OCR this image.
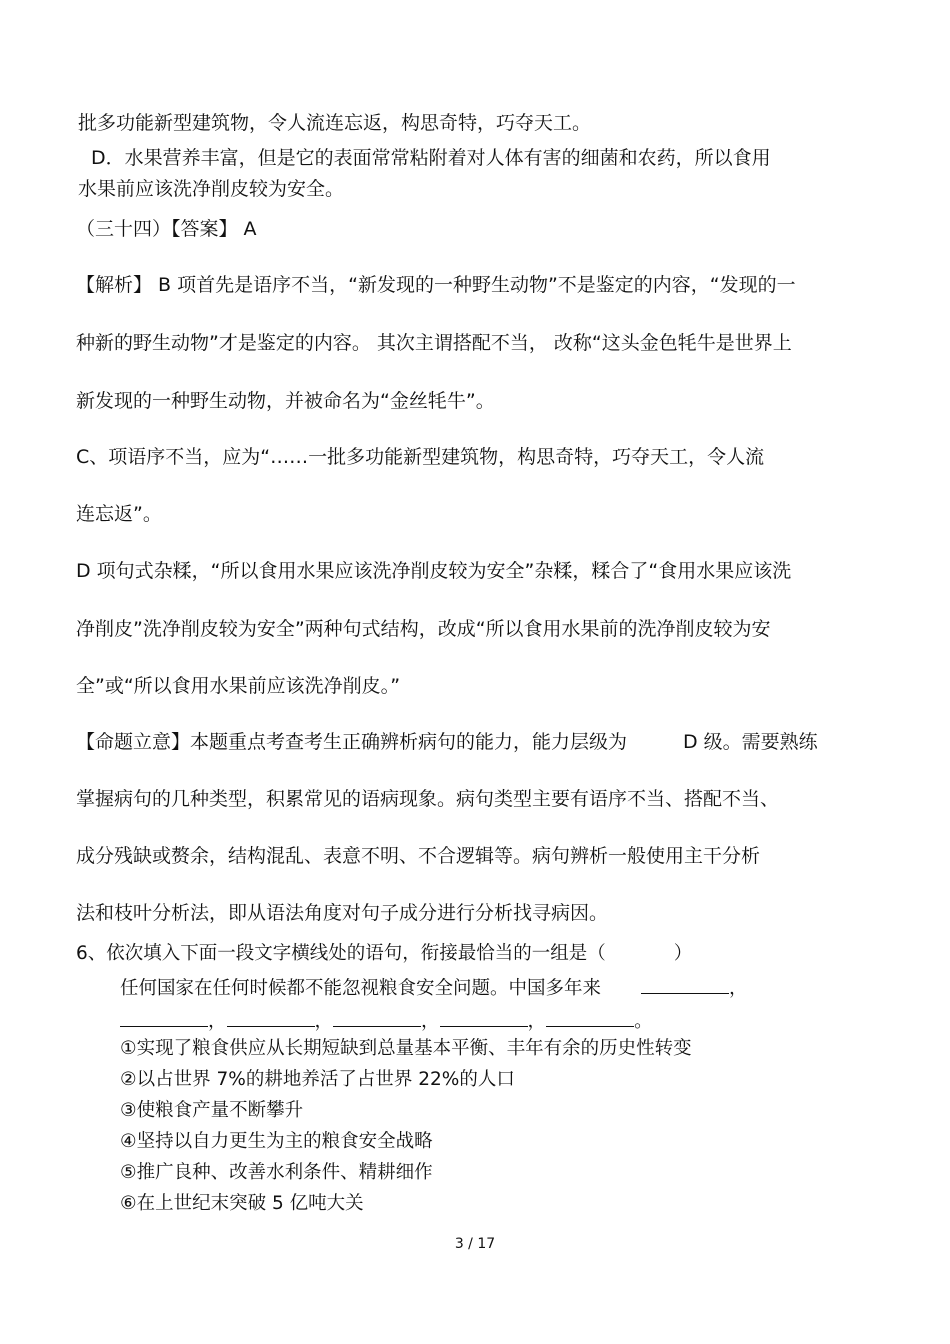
批多功能新型建筑物，令人流连忘返，构思奇特，巧夺天工。
D．水果营养丰富，但是它的表面常常粘附着对人体有害的细菌和农药，所以食用
水果前应该洗净削皮较为安全。
（三十四）【答案】 A
【解析】 B 项首先是语序不当，“新发现的一种野生动物”不是鉴定的内容，“发现的一
种新的野生动物”才是鉴定的内容。 其次主谓搭配不当， 改称“这头金色牦牛是世界上
新发现的一种野生动物，并被命名为“金丝牦牛”。
C、项语序不当，应为“……一批多功能新型建筑物，构思奇特，巧夺天工，令人流
连忘返”。
D 项句式杂糅，“所以食用水果应该洗净削皮较为安全”杂糅，糅合了“食用水果应该洗
净削皮”洗净削皮较为安全”两种句式结构，改成“所以食用水果前的洗净削皮较为安
全”或“所以食用水果前应该洗净削皮。”
【命题立意】本题重点考查考生正确辨析病句的能力，能力层级为	D 级。需要熟练
掌握病句的几种类型，积累常见的语病现象。病句类型主要有语序不当、搭配不当、
成分残缺或赘余，结构混乱、表意不明、不合逻辑等。病句辨析一般使用主干分析
法和枝叶分析法，即从语法角度对句子成分进行分析找寻病因。
6、依次填入下面一段文字横线处的语句，衔接最恰当的一组是（	）
任何国家在任何时候都不能忽视粮食安全问题。中国多年来	，
，	，	，	，	。
①实现了粮食供应从长期短缺到总量基本平衡、丰年有余的历史性转变
②以占世界 7%的耕地养活了占世界 22%的人口
③使粮食产量不断攀升
④坚持以自力更生为主的粮食安全战略
⑤推广良种、改善水利条件、精耕细作
⑥在上世纪末突破 5 亿吨大关
3 / 17
